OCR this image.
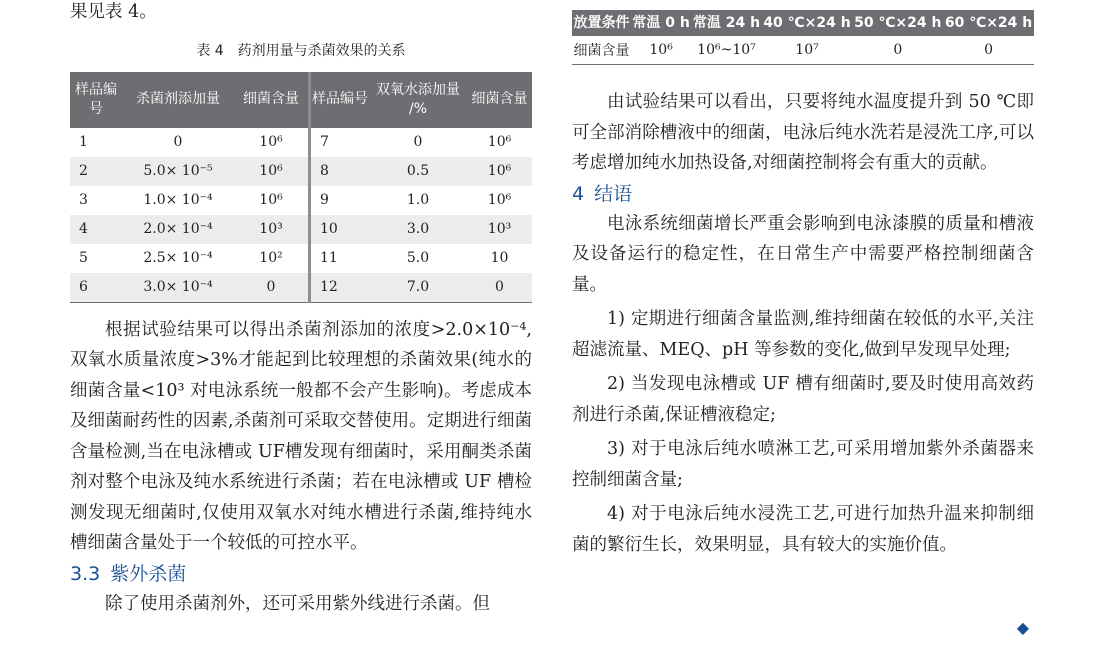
果见表 4。

表 4　药剂用量与杀菌效果的关系
样品编号	杀菌剂添加量	细菌含量	样品编号	双氧水添加量 /%	细菌含量
1	0	10⁶	7	0	10⁶
2	5.0× 10⁻⁵	10⁶	8	0.5	10⁶
3	1.0× 10⁻⁴	10⁶	9	1.0	10⁶
4	2.0× 10⁻⁴	10³	10	3.0	10³
5	2.5× 10⁻⁴	10²	11	5.0	10
6	3.0× 10⁻⁴	0	12	7.0	0

根据试验结果可以得出杀菌剂添加的浓度>2.0×10⁻⁴,双氧水质量浓度>3%才能起到比较理想的杀菌效果(纯水的细菌含量<10³ 对电泳系统一般都不会产生影响)。考虑成本及细菌耐药性的因素,杀菌剂可采取交替使用。定期进行细菌含量检测,当在电泳槽或 UF槽发现有细菌时，采用酮类杀菌剂对整个电泳及纯水系统进行杀菌；若在电泳槽或 UF 槽检测发现无细菌时,仅使用双氧水对纯水槽进行杀菌,维持纯水槽细菌含量处于一个较低的可控水平。

3.3 紫外杀菌

除了使用杀菌剂外，还可采用紫外线进行杀菌。但

放置条件	常温 0 h	常温 24 h	40 ℃×24 h	50 ℃×24 h	60 ℃×24 h
细菌含量	10⁶	10⁶~10⁷	10⁷	0	0

由试验结果可以看出，只要将纯水温度提升到 50 ℃即可全部消除槽液中的细菌，电泳后纯水洗若是浸洗工序,可以考虑增加纯水加热设备,对细菌控制将会有重大的贡献。

4 结语

电泳系统细菌增长严重会影响到电泳漆膜的质量和槽液及设备运行的稳定性，在日常生产中需要严格控制细菌含量。

1) 定期进行细菌含量监测,维持细菌在较低的水平,关注超滤流量、MEQ、pH 等参数的变化,做到早发现早处理;

2) 当发现电泳槽或 UF 槽有细菌时,要及时使用高效药剂进行杀菌,保证槽液稳定;

3) 对于电泳后纯水喷淋工艺,可采用增加紫外杀菌器来控制细菌含量;

4) 对于电泳后纯水浸洗工艺,可进行加热升温来抑制细菌的繁衍生长，效果明显，具有较大的实施价值。

◆
